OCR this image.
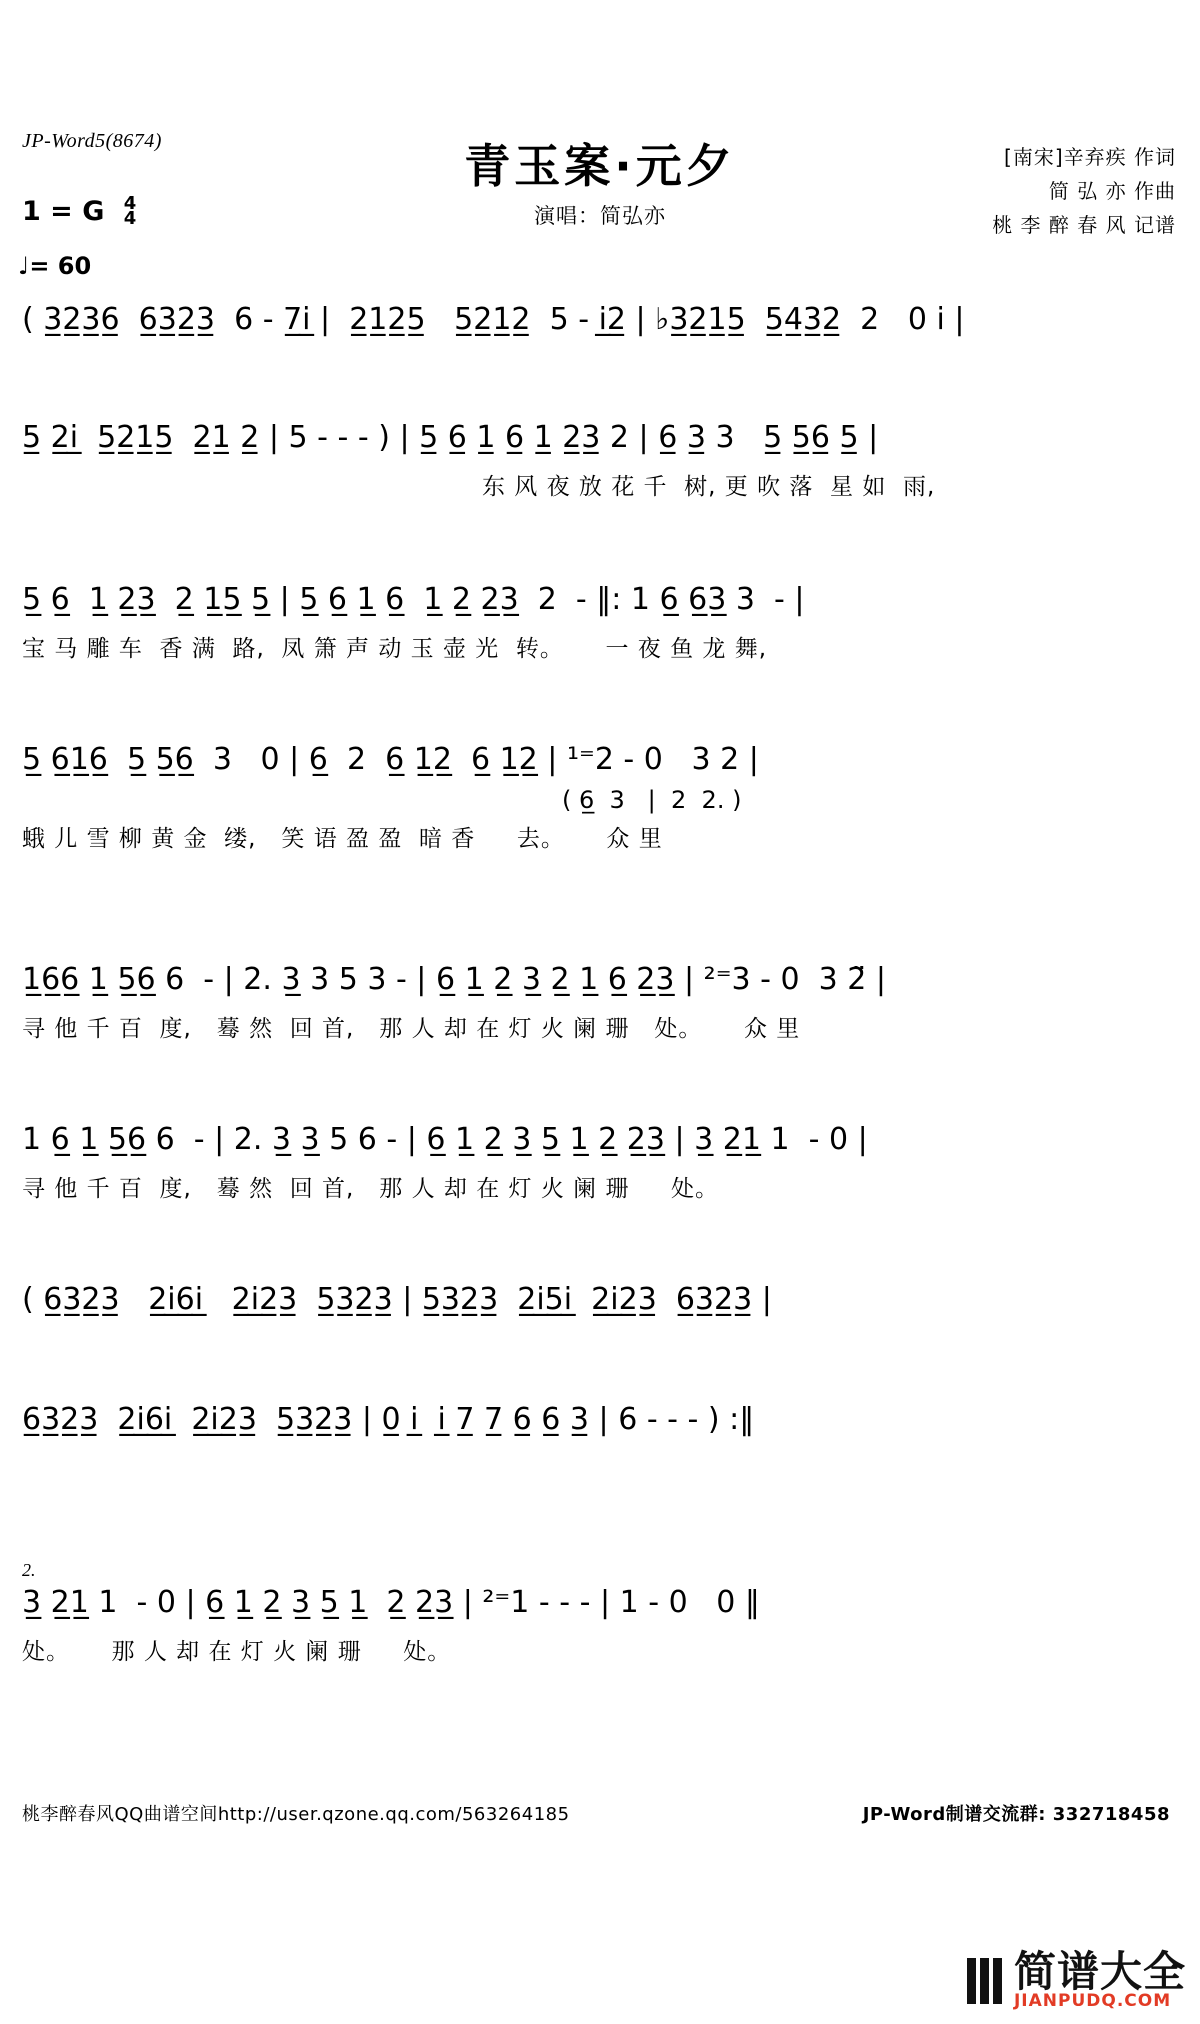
JP-Word5(8674)	青玉案·元夕
演唱：简弘亦
[南宋]辛弃疾 作词
简 弘 亦 作曲
桃 李 醉 春 风 记谱
1 = G 4
4
♩= 60
( 3̲2̲3̲6̲  6̲3̲2̲3̲  6 - 7̲i̲ |  2̲1̲2̲5̲   5̲2̲1̲2̲  5 - i̲2̲ | ♭3̲2̲1̲5̲  5̲4̲3̲2̲  2   0 i |
5̲ 2̲i̲  5̲2̲1̲5̲  2̲1̲ 2̲ | 5 - - - ) | 5̲ 6̲ 1̲ 6̲ 1̲ 2̲3̲ 2 | 6̲ 3̲ 3   5̲ 5̲6̲ 5̲ |
东 风 夜 放 花 千  树, 更 吹 落  星 如  雨,
5̲ 6̲  1̲ 2̲3̲  2̲ 1̲5̲ 5̲ | 5̲ 6̲ 1̲ 6̲  1̲ 2̲ 2̲3̲  2  - ‖: 1 6̲ 6̲3̲ 3  - |
宝 马 雕 车  香 满  路,  凤 箫 声 动 玉 壶 光  转。     一 夜 鱼 龙 舞,
5̲ 6̲1̲6̲  5̲ 5̲6̲  3   0 | 6̲  2  6̲ 1̲2̲  6̲ 1̲2̲ | ¹⁼2 - 0   3 2 |
( 6̲  3   |  2  2. )
蛾 儿 雪 柳 黄 金  缕,   笑 语 盈 盈  暗 香     去。     众 里
1̲6̲6̲ 1̲ 5̲6̲ 6  - | 2. 3̲ 3 5 3 - | 6̲ 1̲ 2̲ 3̲ 2̲ 1̲ 6̲ 2̲3̲ | ²⁼3 - 0  3 2̈ |
寻 他 千 百  度,   蓦 然  回 首,   那 人 却 在 灯 火 阑 珊   处。     众 里
1 6̲ 1̲ 5̲6̲ 6  - | 2. 3̲ 3̲ 5 6 - | 6̲ 1̲ 2̲ 3̲ 5̲ 1̲ 2̲ 2̲3̲ | 3̲ 2̲1̲ 1  - 0 |
寻 他 千 百  度,   蓦 然  回 首,   那 人 却 在 灯 火 阑 珊     处。
( 6̲3̲2̲3̲   2̲i̲6̲i̲   2̲i̲2̲3̲  5̲3̲2̲3̲ | 5̲3̲2̲3̲  2̲i̲5̲i̲  2̲i̲2̲3̲  6̲3̲2̲3̲ |
6̲3̲2̲3̲  2̲i̲6̲i̲  2̲i̲2̲3̲  5̲3̲2̲3̲ | 0̲ i̲  i̲ 7̲ 7̲ 6̲ 6̲ 3̲ | 6 - - - ) :‖
2.
3̲ 2̲1̲ 1  - 0 | 6̲ 1̲ 2̲ 3̲ 5̲ 1̲  2̲ 2̲3̲ | ²⁼1 - - - | 1 - 0   0 ‖
处。     那 人 却 在 灯 火 阑 珊     处。
桃李醉春风QQ曲谱空间http://user.qzone.qq.com/563264185	JP-Word制谱交流群: 332718458
简谱大全
JIANPUDQ.COM
